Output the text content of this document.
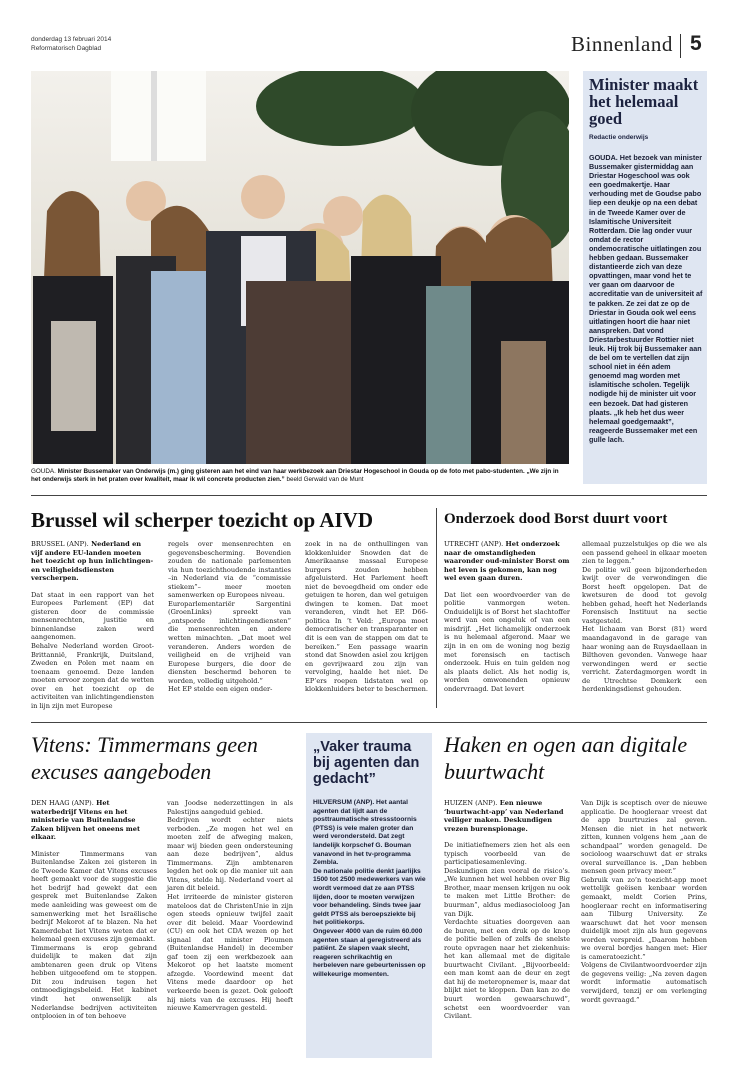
donderdag 13 februari 2014
Reformatorisch Dagblad	Binnenland 5
GOUDA. Minister Bussemaker van Onderwijs (m.) ging gisteren aan het eind van haar werkbezoek aan Driestar Hogeschool in Gouda op de foto met pabo-studenten. „We zijn in het onderwijs sterk in het praten over kwaliteit, maar ik wil concrete producten zien.” beeld Gerwald van de Munt
Minister maakt het helemaal goed
Redactie onderwijs
GOUDA. Het bezoek van minister Bussemaker gistermiddag aan Driestar Hogeschool was ook een goedmakertje. Haar verhouding met de Goudse pabo liep een deukje op na een debat in de Tweede Kamer over de Islamitische Universiteit Rotterdam. Die lag onder vuur omdat de rector ondemocratische uitlatingen zou hebben gedaan. Bussemaker distantieerde zich van deze opvattingen, maar vond het te ver gaan om daarvoor de accreditatie van de universiteit af te pakken. Ze zei dat ze op de Driestar in Gouda ook wel eens uitlatingen hoort die haar niet aanspreken. Dat vond Driestarbestuurder Rottier niet leuk. Hij trok bij Bussemaker aan de bel om te vertellen dat zijn school niet in één adem genoemd mag worden met islamitische scholen. Tegelijk nodigde hij de minister uit voor een bezoek. Dat had gisteren plaats. „Ik heb het dus weer helemaal goedgemaakt”, reageerde Bussemaker met een gulle lach.
Brussel wil scherper toezicht op AIVD
BRUSSEL (ANP). Nederland en vijf andere EU-landen moeten het toezicht op hun inlichtingen- en veiligheidsdiensten verscherpen.
Dat staat in een rapport van het Europees Parlement (EP) dat gisteren door de commissie mensenrechten, justitie en binnenlandse zaken werd aangenomen.
Behalve Nederland worden Groot-Brittannië, Frankrijk, Duitsland, Zweden en Polen met naam en toenaam genoemd. Deze landen moeten ervoor zorgen dat de wetten over en het toezicht op de activiteiten van inlichtingendiensten in lijn zijn met Europese
regels over mensenrechten en gegevensbescherming. Bovendien zouden de nationale parlementen via hun toezichthoudende instanties –in Nederland via de “commissie stiekem”– meer moeten samenwerken op Europees niveau.
Europarlementariër Sargentini (GroenLinks) spreekt van „ontsporde inlichtingendiensten” die mensenrechten en andere wetten minachten. „Dat moet wel veranderen. Anders worden de veiligheid en de vrijheid van Europese burgers, die door de diensten beschermd behoren te worden, volledig uitgehold.”
Het EP stelde een eigen onder-
zoek in na de onthullingen van klokkenluider Snowden dat de Amerikaanse massaal Europese burgers zouden hebben afgeluisterd. Het Parlement heeft niet de bevoegdheid om onder ede getuigen te horen, dan wel getuigen dwingen te komen. Dat moet veranderen, vindt het EP. D66-politica In ’t Veld: „Europa moet democratischer en transparanter en dit is een van de stappen om dat te bereiken.” Een passage waarin stond dat Snowden asiel zou krijgen en gevrijwaard zou zijn van vervolging, haalde het niet. De EP’ers roepen lidstaten wel op klokkenluiders beter te beschermen.
Onderzoek dood Borst duurt voort
UTRECHT (ANP). Het onderzoek naar de omstandigheden waaronder oud-minister Borst om het leven is gekomen, kan nog wel even gaan duren.
Dat liet een woordvoerder van de politie vanmorgen weten. Onduidelijk is of Borst het slachtoffer werd van een ongeluk of van een misdrijf. „Het lichamelijk onderzoek is nu helemaal afgerond. Maar we zijn in en om de woning nog bezig met forensisch en tactisch onderzoek. Huis en tuin gelden nog als plaats delict. Als het nodig is, worden omwonenden opnieuw ondervraagd. Dat levert
allemaal puzzelstukjes op die we als een passend geheel in elkaar moeten zien te leggen.”
De politie wil geen bijzonderheden kwijt over de verwondingen die Borst heeft opgelopen. Dat de kwetsuren de dood tot gevolg hebben gehad, heeft het Nederlands Forensisch Instituut na sectie vastgesteld.
Het lichaam van Borst (81) werd maandagavond in de garage van haar woning aan de Ruysdaellaan in Bilthoven gevonden. Vanwege haar verwondingen werd er sectie verricht. Zaterdagmorgen wordt in de Utrechtse Domkerk een herdenkingsdienst gehouden.
Vitens: Timmermans geen excuses aangeboden
DEN HAAG (ANP). Het waterbedrijf Vitens en het ministerie van Buitenlandse Zaken blijven het oneens met elkaar.
Minister Timmermans van Buitenlandse Zaken zei gisteren in de Tweede Kamer dat Vitens excuses heeft gemaakt voor de suggestie die het bedrijf had gewekt dat een gesprek met Buitenlandse Zaken mede aanleiding was geweest om de samenwerking met het Israëlische bedrijf Mekorot af te blazen. Na het Kamerdebat liet Vitens weten dat er helemaal geen excuses zijn gemaakt.
Timmermans is erop gebrand duidelijk te maken dat zijn ambtenaren geen druk op Vitens hebben uitgeoefend om te stoppen. Dit zou indruisen tegen het ontmoedigingsbeleid. Het kabinet vindt het onwenselijk als Nederlandse bedrijven activiteiten ontplooien in of ten behoeve
van Joodse nederzettingen in als Palestijns aangeduid gebied.
Bedrijven wordt echter niets verboden. „Ze mogen het wel en moeten zelf de afweging maken, maar wij bieden geen ondersteuning aan deze bedrijven”, aldus Timmermans. Zijn ambtenaren legden het ook op die manier uit aan Vitens, stelde hij. Nederland voert al jaren dit beleid.
Het irriteerde de minister gisteren mateloos dat de ChristenUnie in zijn ogen steeds opnieuw twijfel zaait over dit beleid. Maar Voordewind (CU) en ook het CDA wezen op het signaal dat minister Ploumen (Buitenlandse Handel) in december gaf toen zij een werkbezoek aan Mekorot op het laatste moment afzegde. Voordewind meent dat Vitens mede daardoor op het verkeerde been is gezet. Ook gelooft hij niets van de excuses. Hij heeft nieuwe Kamervragen gesteld.
„Vaker trauma bij agenten dan gedacht”
HILVERSUM (ANP). Het aantal agenten dat lijdt aan de posttraumatische stressstoornis (PTSS) is vele malen groter dan werd verondersteld. Dat zegt landelijk korpschef G. Bouman vanavond in het tv-programma Zembla.
De nationale politie denkt jaarlijks 1500 tot 2500 medewerkers van wie wordt vermoed dat ze aan PTSS lijden, door te moeten verwijzen voor behandeling. Sinds twee jaar geldt PTSS als beroepsziekte bij het politiekorps.
Ongeveer 4000 van de ruim 60.000 agenten staan al geregistreerd als patiënt. Ze slapen vaak slecht, reageren schrikachtig en herbeleven nare gebeurtenissen op willekeurige momenten.
Haken en ogen aan digitale buurtwacht
HUIZEN (ANP). Een nieuwe ‘buurtwacht-app’ van Nederland veiliger maken. Deskundigen vrezen burenspionage.
De initiatiefnemers zien het als een typisch voorbeeld van de participatiesamenleving. Deskundigen zien vooral de risico’s. „We kunnen het wel hebben over Big Brother, maar mensen krijgen nu ook te maken met Little Brother: de buurman”, aldus mediasocioloog Jan van Dijk.
Verdachte situaties doorgeven aan de buren, met een druk op de knop de politie bellen of zelfs de snelste route opvragen naar het ziekenhuis: het kan allemaal met de digitale buurtwacht Civilant. „Bijvoorbeeld: een man komt aan de deur en zegt dat hij de meteropnemer is, maar dat blijkt niet te kloppen. Dan kan zo de buurt worden gewaarschuwd”, schetst een woordvoerder van Civilant.
Van Dijk is sceptisch over de nieuwe applicatie. De hoogleraar vreest dat de app buurtruzies zal geven. Mensen die niet in het netwerk zitten, kunnen volgens hem „aan de schandpaal” worden genageld. De socioloog waarschuwt dat er straks overal surveillance is. „Dan hebben mensen geen privacy meer.”
Gebruik van zo’n toezicht-app moet wettelijk geëisen kenbaar worden gemaakt, meldt Corien Prins, hoogleraar recht en informatisering aan Tilburg University. Ze waarschuwt dat het voor mensen duidelijk moet zijn als hun gegevens worden verspreid. „Daarom hebben we overal bordjes hangen met: Hier is cameratoezicht.”
Volgens de Civilantwoordvoerder zijn de gegevens veilig: „Na zeven dagen wordt informatie automatisch verwijderd, tenzij er om verlenging wordt gevraagd.”
